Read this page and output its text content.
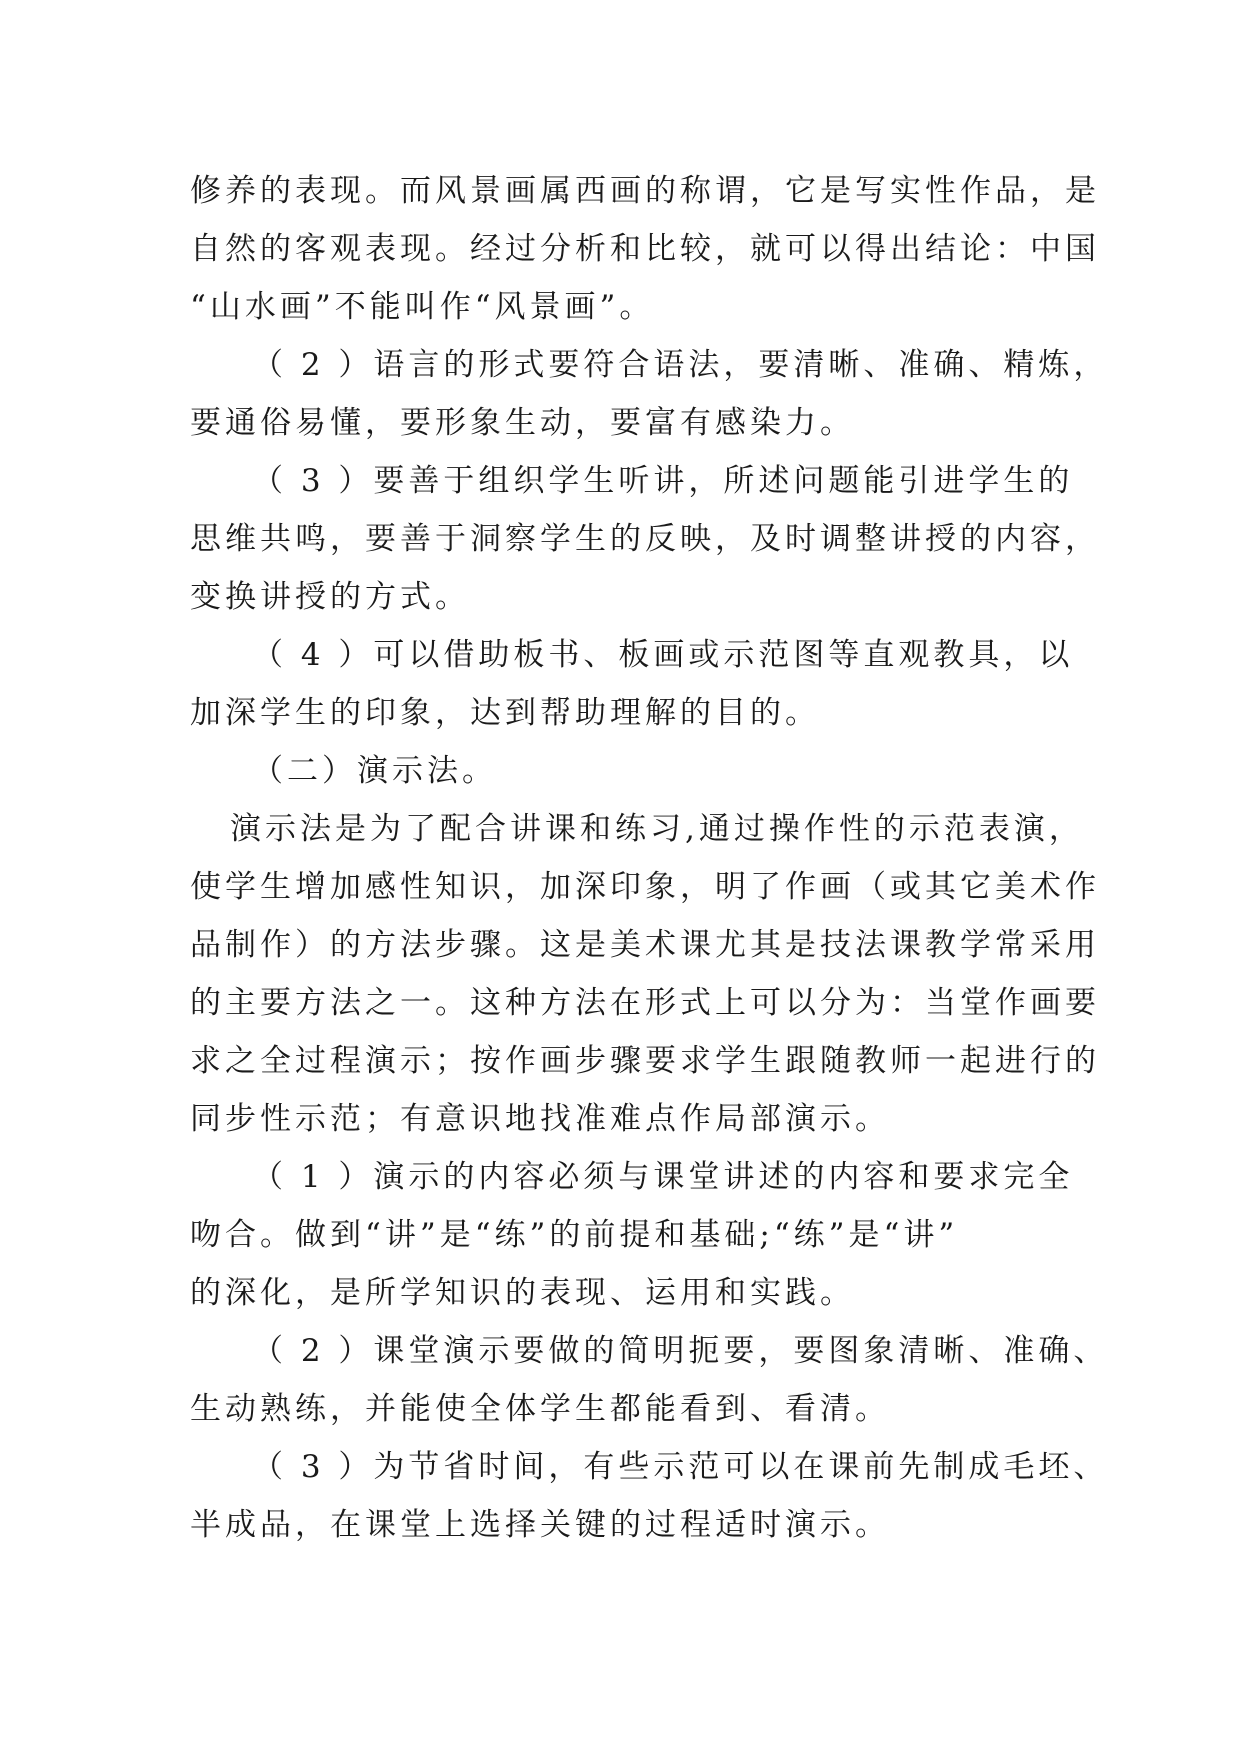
修养的表现。而风景画属西画的称谓，它是写实性作品，是
自然的客观表现。经过分析和比较，就可以得出结论：中国
“山水画”不能叫作“风景画”。
（ 2 ）语言的形式要符合语法，要清晰、准确、精炼，
要通俗易懂，要形象生动，要富有感染力。
（ 3 ）要善于组织学生听讲，所述问题能引进学生的
思维共鸣，要善于洞察学生的反映，及时调整讲授的内容，
变换讲授的方式。
（ 4 ）可以借助板书、板画或示范图等直观教具，以
加深学生的印象，达到帮助理解的目的。
（二）演示法。
演示法是为了配合讲课和练习,通过操作性的示范表演，
使学生增加感性知识，加深印象，明了作画（或其它美术作
品制作）的方法步骤。这是美术课尤其是技法课教学常采用
的主要方法之一。这种方法在形式上可以分为：当堂作画要
求之全过程演示；按作画步骤要求学生跟随教师一起进行的
同步性示范；有意识地找准难点作局部演示。
（ 1 ）演示的内容必须与课堂讲述的内容和要求完全
吻合。做到“讲”是“练”的前提和基础;“练”是“讲”
的深化，是所学知识的表现、运用和实践。
（ 2 ）课堂演示要做的简明扼要，要图象清晰、准确、
生动熟练，并能使全体学生都能看到、看清。
（ 3 ）为节省时间，有些示范可以在课前先制成毛坯、
半成品，在课堂上选择关键的过程适时演示。
